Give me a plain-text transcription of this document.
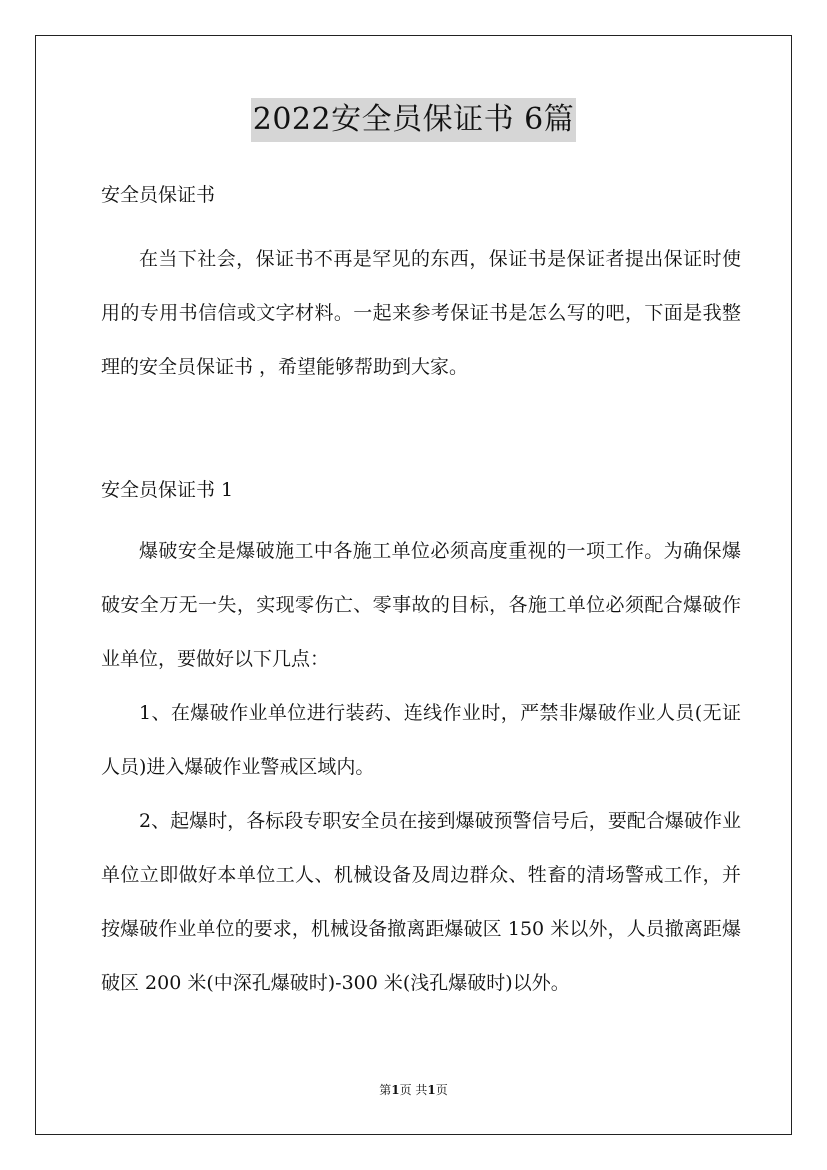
2022安全员保证书 6篇

安全员保证书

在当下社会，保证书不再是罕见的东西，保证书是保证者提出保证时使用的专用书信信或文字材料。一起来参考保证书是怎么写的吧，下面是我整理的安全员保证书 ，希望能够帮助到大家。

安全员保证书 1

爆破安全是爆破施工中各施工单位必须高度重视的一项工作。为确保爆破安全万无一失，实现零伤亡、零事故的目标，各施工单位必须配合爆破作业单位，要做好以下几点：

1、在爆破作业单位进行装药、连线作业时，严禁非爆破作业人员(无证人员)进入爆破作业警戒区域内。

2、起爆时，各标段专职安全员在接到爆破预警信号后，要配合爆破作业单位立即做好本单位工人、机械设备及周边群众、牲畜的清场警戒工作，并按爆破作业单位的要求，机械设备撤离距爆破区 150 米以外，人员撤离距爆破区 200 米(中深孔爆破时)-300 米(浅孔爆破时)以外。

第1页 共1页
